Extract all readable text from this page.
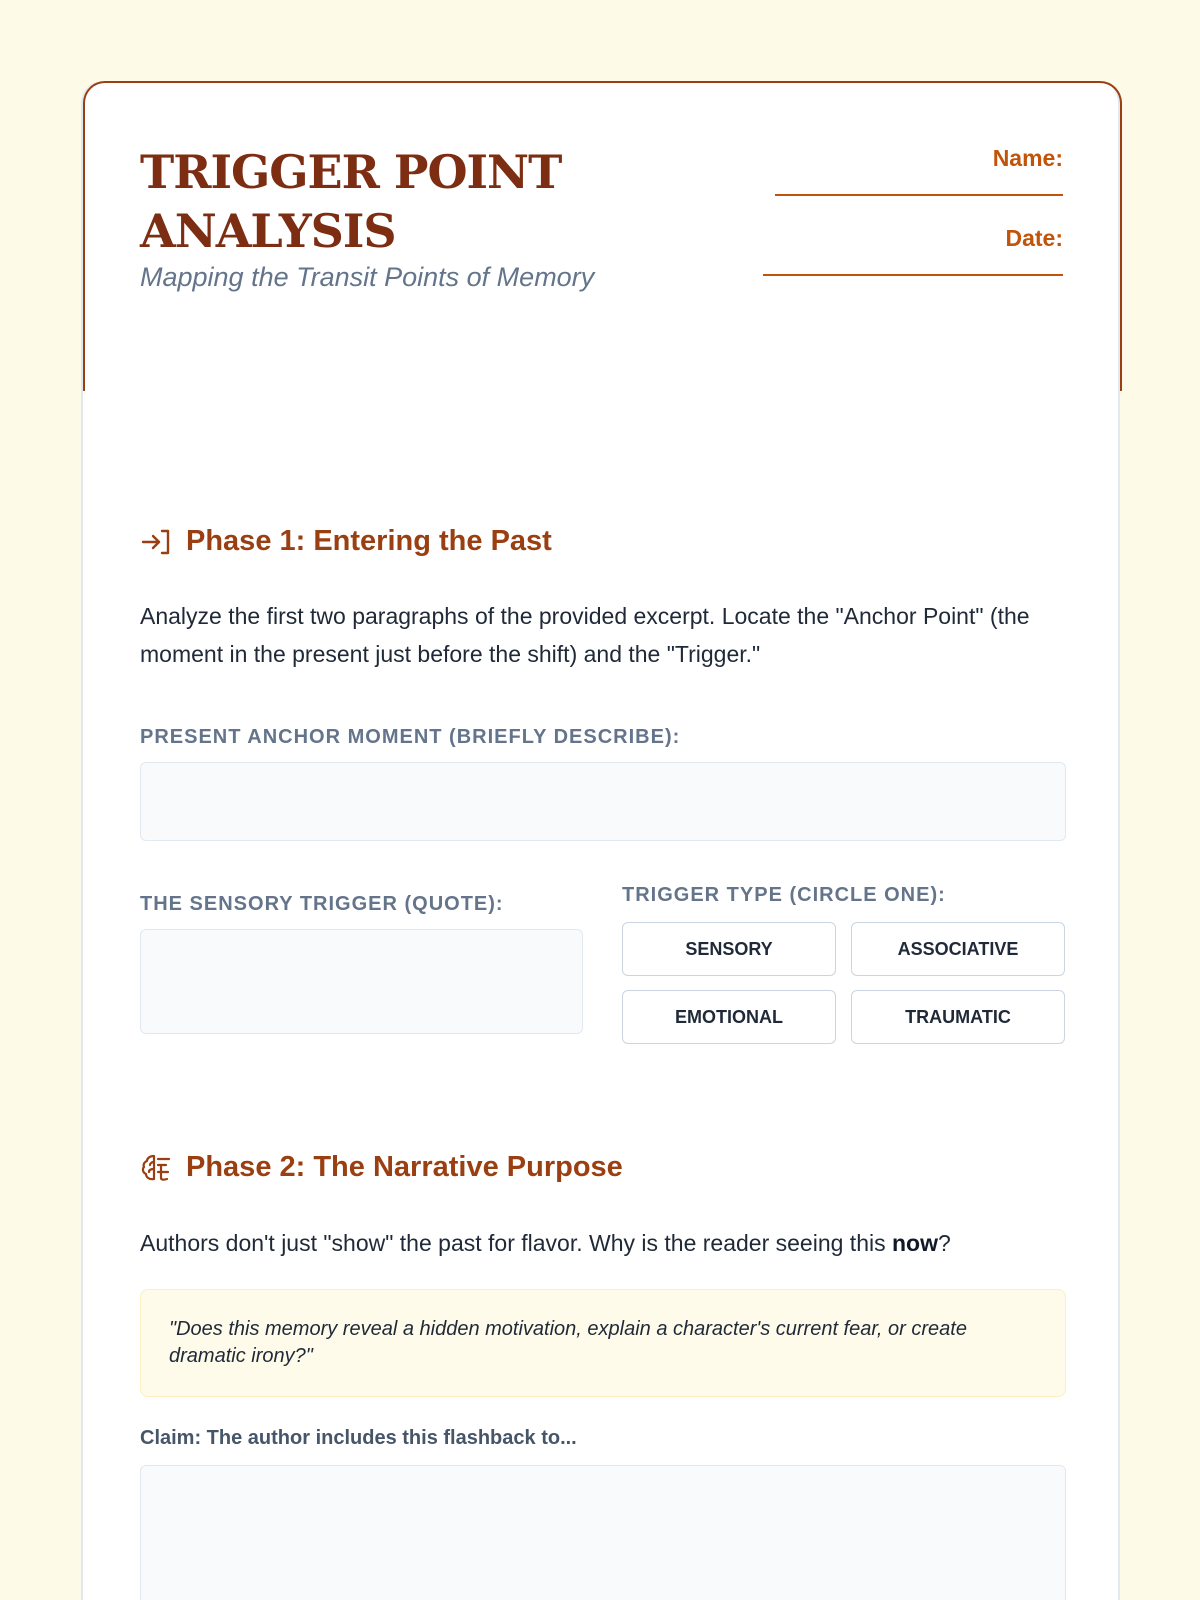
TRIGGER POINT ANALYSIS
Mapping the Transit Points of Memory
Name:
Date:
Phase 1: Entering the Past

Analyze the first two paragraphs of the provided excerpt. Locate the "Anchor Point" (the moment in the present just before the shift) and the "Trigger."

PRESENT ANCHOR MOMENT (BRIEFLY DESCRIBE):
THE SENSORY TRIGGER (QUOTE):	TRIGGER TYPE (CIRCLE ONE):
SENSORY	ASSOCIATIVE
EMOTIONAL	TRAUMATIC
Phase 2: The Narrative Purpose

Authors don't just "show" the past for flavor. Why is the reader seeing this now?

"Does this memory reveal a hidden motivation, explain a character's current fear, or create dramatic irony?"
Claim: The author includes this flashback to...
